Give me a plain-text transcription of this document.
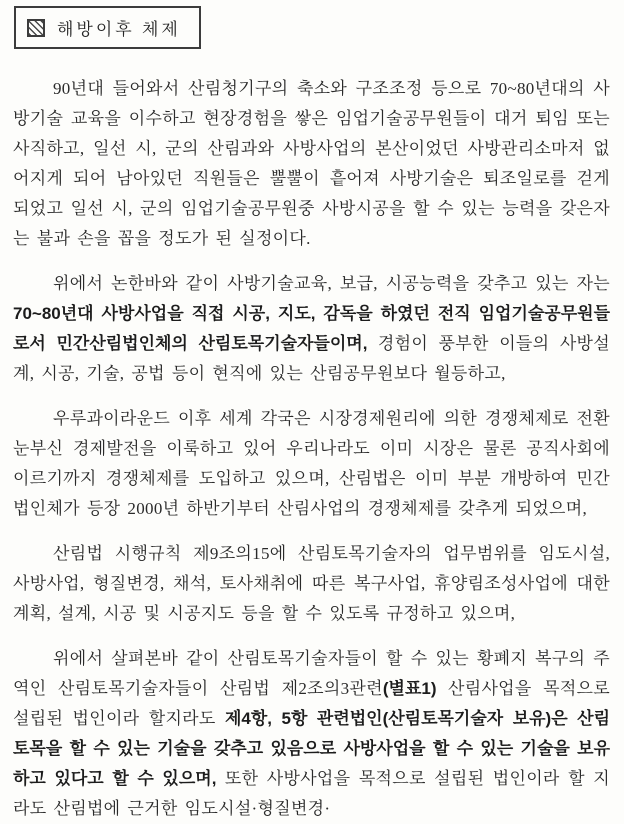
해방이후 체제

90년대 들어와서 산림청기구의 축소와 구조조정 등으로 70~80년대의 사방기술 교육을 이수하고 현장경험을 쌓은 임업기술공무원들이 대거 퇴임 또는 사직하고, 일선 시, 군의 산림과와 사방사업의 본산이었던 사방관리소마저 없어지게 되어 남아있던 직원들은 뿔뿔이 흩어져 사방기술은 퇴조일로를 걷게 되었고 일선 시, 군의 임업기술공무원중 사방시공을 할 수 있는 능력을 갖은자는 불과 손을 꼽을 정도가 된 실정이다.

위에서 논한바와 같이 사방기술교육, 보급, 시공능력을 갖추고 있는 자는 70~80년대 사방사업을 직접 시공, 지도, 감독을 하였던 전직 임업기술공무원들로서 민간산림법인체의 산림토목기술자들이며, 경험이 풍부한 이들의 사방설계, 시공, 기술, 공법 등이 현직에 있는 산림공무원보다 월등하고,

우루과이라운드 이후 세계 각국은 시장경제원리에 의한 경쟁체제로 전환 눈부신 경제발전을 이룩하고 있어 우리나라도 이미 시장은 물론 공직사회에 이르기까지 경쟁체제를 도입하고 있으며, 산림법은 이미 부분 개방하여 민간 법인체가 등장 2000년 하반기부터 산림사업의 경쟁체제를 갖추게 되었으며,

산림법 시행규칙 제9조의15에 산림토목기술자의 업무범위를 임도시설, 사방사업, 형질변경, 채석, 토사채취에 따른 복구사업, 휴양림조성사업에 대한 계획, 설계, 시공 및 시공지도 등을 할 수 있도록 규정하고 있으며,

위에서 살펴본바 같이 산림토목기술자들이 할 수 있는 황폐지 복구의 주역인 산림토목기술자들이 산림법 제2조의3관련(별표1) 산림사업을 목적으로 설립된 법인이라 할지라도 제4항, 5항 관련법인(산림토목기술자 보유)은 산림토목을 할 수 있는 기술을 갖추고 있음으로 사방사업을 할 수 있는 기술을 보유하고 있다고 할 수 있으며, 또한 사방사업을 목적으로 설립된 법인이라 할 지라도 산림법에 근거한 임도시설·형질변경·
